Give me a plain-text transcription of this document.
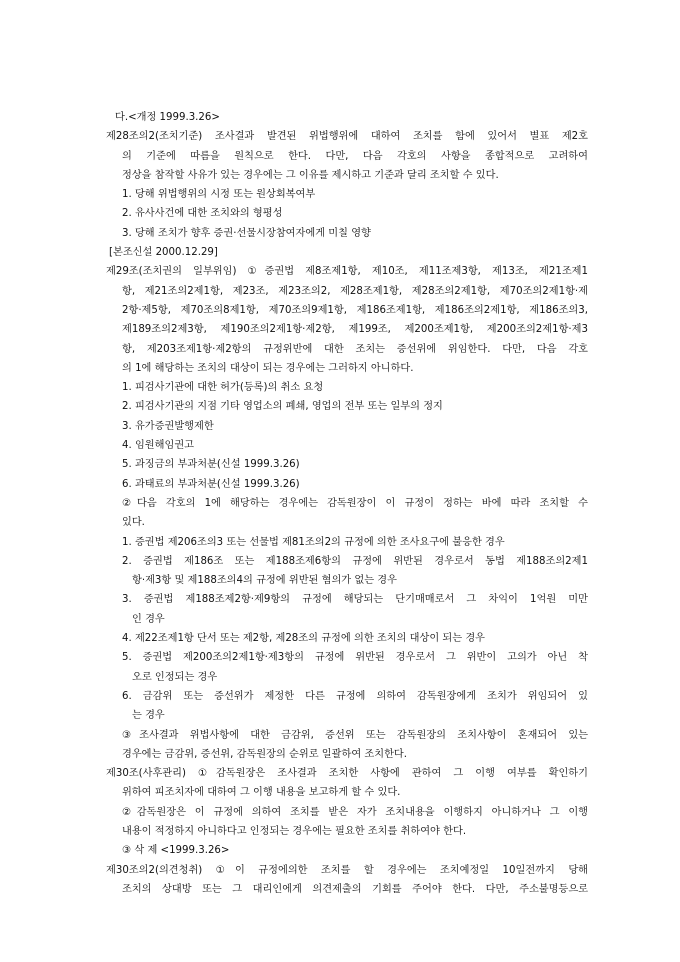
다.<개정 1999.3.26>
제28조의2(조치기준) 조사결과 발견된 위법행위에 대하여 조치를 함에 있어서 별표 제2호
의 기준에 따름을 원칙으로 한다. 다만, 다음 각호의 사항을 종합적으로 고려하여
정상을 참작할 사유가 있는 경우에는 그 이유를 제시하고 기준과 달리 조치할 수 있다.
1. 당해 위법행위의 시정 또는 원상회복여부
2. 유사사건에 대한 조치와의 형평성
3. 당해 조치가 향후 증권·선물시장참여자에게 미칠 영향
[본조신설 2000.12.29]
제29조(조치권의 일부위임) ①증권법 제8조제1항, 제10조, 제11조제3항, 제13조, 제21조제1
항, 제21조의2제1항, 제23조, 제23조의2, 제28조제1항, 제28조의2제1항, 제70조의2제1항·제
2항·제5항, 제70조의8제1항, 제70조의9제1항, 제186조제1항, 제186조의2제1항, 제186조의3,
제189조의2제3항, 제190조의2제1항·제2항, 제199조, 제200조제1항, 제200조의2제1항·제3
항, 제203조제1항·제2항의 규정위반에 대한 조치는 증선위에 위임한다. 다만, 다음 각호
의 1에 해당하는 조치의 대상이 되는 경우에는 그러하지 아니하다.
1. 피검사기관에 대한 허가(등록)의 취소 요청
2. 피검사기관의 지점 기타 영업소의 폐쇄, 영업의 전부 또는 일부의 정지
3. 유가증권발행제한
4. 임원해임권고
5. 과징금의 부과처분(신설 1999.3.26)
6. 과태료의 부과처분(신설 1999.3.26)
②다음 각호의 1에 해당하는 경우에는 감독원장이 이 규정이 정하는 바에 따라 조치할 수
있다.
1. 증권법 제206조의3 또는 선물법 제81조의2의 규정에 의한 조사요구에 불응한 경우
2. 증권법 제186조 또는 제188조제6항의 규정에 위반된 경우로서 동법 제188조의2제1
항·제3항 및 제188조의4의 규정에 위반된 혐의가 없는 경우
3. 증권법 제188조제2항·제9항의 규정에 해당되는 단기매매로서 그 차익이 1억원 미만
인 경우
4. 제22조제1항 단서 또는 제2항, 제28조의 규정에 의한 조치의 대상이 되는 경우
5. 증권법 제200조의2제1항·제3항의 규정에 위반된 경우로서 그 위반이 고의가 아닌 착
오로 인정되는 경우
6. 금감위 또는 증선위가 제정한 다른 규정에 의하여 감독원장에게 조치가 위임되어 있
는 경우
③조사결과 위법사항에 대한 금감위, 증선위 또는 감독원장의 조치사항이 혼재되어 있는
경우에는 금감위, 증선위, 감독원장의 순위로 일괄하여 조치한다.
제30조(사후관리) ①감독원장은 조사결과 조치한 사항에 관하여 그 이행 여부를 확인하기
위하여 피조치자에 대하여 그 이행 내용을 보고하게 할 수 있다.
②감독원장은 이 규정에 의하여 조치를 받은 자가 조치내용을 이행하지 아니하거나 그 이행
내용이 적정하지 아니하다고 인정되는 경우에는 필요한 조치를 취하여야 한다.
③ 삭 제 <1999.3.26>
제30조의2(의견청취) ①이 규정에의한 조치를 할 경우에는 조치예정일 10일전까지 당해
조치의 상대방 또는 그 대리인에게 의견제출의 기회를 주어야 한다. 다만, 주소불명등으로
